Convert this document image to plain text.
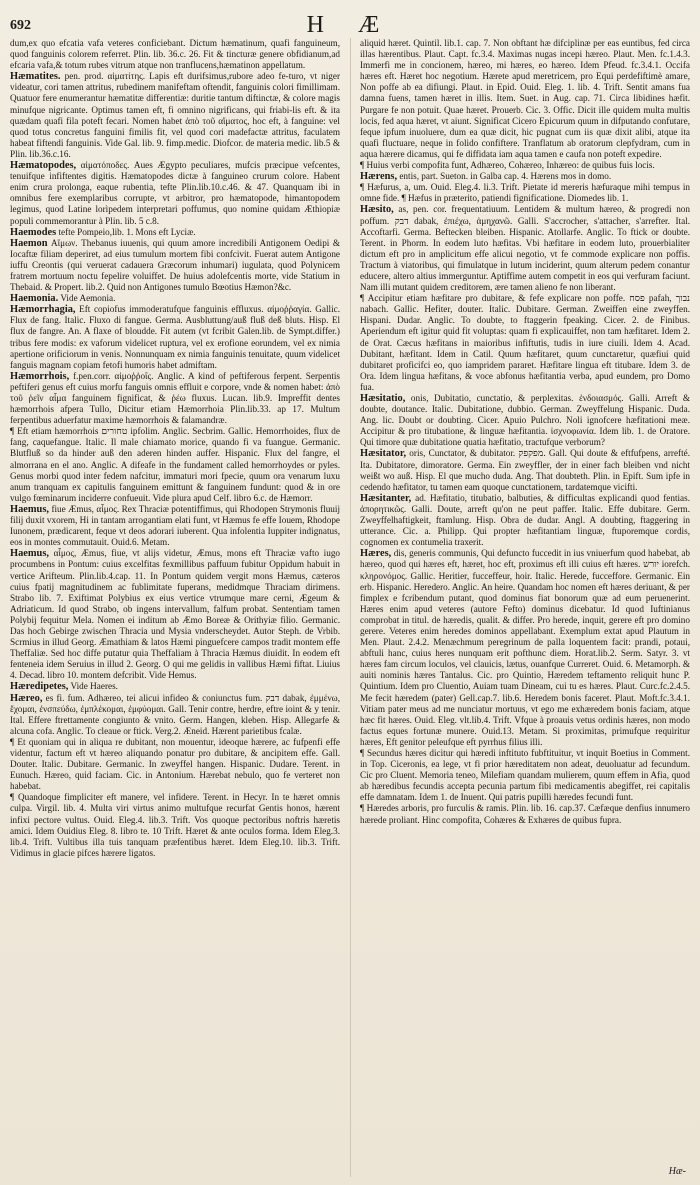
692	H Æ

dum,ex quo efcatia vafa veteres conficiebant. Dictum hæmatinum, quafi fanguineum, quod fanguinis colorem referret. Plin. lib. 36.c. 26. Fit & tincturæ genere obfidianum,ad efcaria vafa,& totum rubes vitrum atque non tranflucens,hæmatinon appellatum.

Hæmatites. pen. prod. αἱματίτης. Lapis eft durifsimus,rubore adeo fe-turo, vt niger videatur, cori tamen attritus, rubedinem manifeftam oftendit, fanguinis colori fimillimam. Quatuor fere enumerantur hæmatitæ differentiæ: duritie tantum diftinctæ, & colore magis minufque nigricante. Optimus tamen eft, fi omnino nigrificans, qui friabi-lis eft. & ita quædam quafi fila poteft fecari. Nomen habet ἀπὸ τοῦ αἵματος, hoc eft, à fanguine: vel quod totus concretus fanguini fimilis fit, vel quod cori madefactæ attritus, faculatem habeat fiftendi fanguinis. Vide Gal. lib. 9. fimp.medic. Diofcor. de materia medic. lib.5 & Plin. lib.36.c.16.

Hæmatopodes, αἱματόποδες. Aues Ægypto peculiares, mufcis præcipue vefcentes, tenuifque infiftentes digitis. Hæmatopodes dictæ à fanguineo crurum colore. Habent enim crura prolonga, eaque rubentia, tefte Plin.lib.10.c.46. & 47. Quanquam ibi in omnibus fere exemplaribus corrupte, vt arbitror, pro hæmatopode, himantopodem legimus, quod Latine lorìpedem interpretari poffumus, quo nomine quidam Æthiopiæ populi commemorantur à Plin. lib. 5 c.8.

Haemodes tefte Pompeio,lib. 1. Mons eft Lyciæ.

Haemon Αἵμων. Thebanus iuuenis, qui quum amore incredibili Antigonem Oedipi & Iocaftæ filiam deperiret, ad eius tumulum mortem fibi confcivit. Fuerat autem Antigone iuffu Creontis (qui veruerat cadauera Græcorum inhumari) iugulata, quod Polynicem fratrem mortuum noctu fepelire voluiffet. De huius adolefcentis morte, vide Statium in Thebaid. & Propert. lib.2. Quid non Antigones tumulo Bœotius Hæmon?&c.

Haemonia. Vide Aemonia.

Hæmorrhagia, Eft copiofus immoderatufque fanguinis effluxus. αἱμοῤῥαγία. Gallic. Flux de fang. Italic. Fluxo di fangue. Germa. Ausbluttung/auß fluß deß bluts. Hisp. El flux de fangre. An. A flaxe of bloudde. Fit autem (vt fcribit Galen.lib. de Sympt.differ.) tribus fere modis: ex vaforum videlicet ruptura, vel ex erofione eorundem, vel ex nimia apertione orificiorum in venis. Nonnunquam ex nimia fanguinis tenuitate, quum videlicet fanguis magnam copiam fetofi humoris habet admiftam.

Hæmorrhois, f.pen.corr. αἱμοῤῥοΐς. Anglic. A kind of peftiferous ferpent. Serpentis peftiferi genus eft cuius morfu fanguis omnis effluit e corpore, vnde & nomen habet: ἀπὸ τοῦ ῥεῖν αἷμα fanguinem fignificat, & ῥέω fluxus. Lucan. lib.9. Impreffit dentes hæmorrhois afpera Tullo, Dicitur etiam Hæmorrhoia Plin.lib.33. ap 17. Multum ferpentibus aduerfatur maxime hæmorrhois & falamandræ.

¶ Eft etiam hæmorrhois טחורים ipfolim. Anglic. Secbrim. Gallic. Hemorrhoides, flux de fang, caquefangue. Italic. Il male chiamato morice, quando fi va fuangue. Germanic. Blutfluß so da hinder auß den aderen hinden auffer. Hispanic. Flux del fangre, el almorrana en el ano. Anglic. A difeafe in the fundament called hemorrhoydes or pyles. Genus morbi quod inter fedem nafcitur, immaturi mori fpecie, quum ora venarum luxu anum tranquam ex capitulis fanguinem emittunt & fanguinem fundunt: quod & in ore vulgo fœminarum inciderre confueuit. Vide plura apud Celf. libro 6.c. de Hæmorr.

Haemus, fiue Æmus, αἷμος. Rex Thraciæ potentiffimus, qui Rhodopen Strymonis fluuij filij duxit vxorem, Hi in tantam arrogantiam elati funt, vt Hæmus fe effe Iouem, Rhodope Iunonem, prædicarent, feque vt deos adorari iuberent. Qua infolentia Iuppiter indignatus, eos in montes commutauit. Ouid.6. Metam.

Haemus, αἷμος, Æmus, fiue, vt alijs videtur, Æmus, mons eft Thraciæ vafto iugo procumbens in Pontum: cuius excelfitas fexmillibus paffuum fubitur Oppidum habuit in vertice Arifteum. Plin.lib.4.cap. 11. In Pontum quidem vergit mons Hæmus, cæteros cuius fpatij magnitudinem ac fublimitate fuperans, medidmque Thraciam dirimens. Strabo lib. 7. Exiftimat Polybius ex eius vertice vtrumque mare cerni, Ægeum & Adriaticum. Id quod Strabo, ob ingens intervallum, falfum probat. Sententiam tamen Polybij fequitur Mela. Nomen ei inditum ab Æmo Boreæ & Orithyiæ filio. Germanic. Das hoch Gebirge zwischen Thracia und Mysia vnderscheydet. Autor Steph. de Vrbib. Scrmius in illud Georg. Æmathiam & latos Hæmi pinguefcere campos tradit montem effe Theffaliæ. Sed hoc diffe putatur quia Theffaliam à Thracia Hæmus diuidit. In eodem eft fenteneia idem Seruius in illud 2. Georg. O qui me gelidis in vallibus Hæmi fiftat. Liuius 4. Decad. libro 10. montem defcribit. Vide Hemus.

Hæredipetes, Vide Haeres.

Hæreo, es fi. fum. Adhæreo, tei alicui infideo & coniunctus fum. דבק dabak, ἐμμένω, ἔχομαι, ἐνσπεύδω, ἐμπλέκομαι, ἐμφύομαι. Gall. Tenir contre, herdre, eftre ioint & y tenir. Ital. Effere ftrettamente congiunto & vnito. Germ. Hangen, kleben. Hisp. Allegarfe & alcuna cofa. Anglic. To cleaue or ftick. Verg.2. Æneid. Hærent parietibus fcalæ.

¶ Et quoniam qui in aliqua re dubitant, non mouentur, ideoque hærere, ac fufpenfi effe videntur, factum eft vt hæreo aliquando ponatur pro dubitare, & ancipitem effe. Gall. Douter. Italic. Dubitare. Germanic. In zweyffel hangen. Hispanic. Dudare. Terent. in Eunuch. Hæreo, quid faciam. Cic. in Antonium. Hærebat nebulo, quo fe verteret non habebat.

¶ Quandoque fimpliciter eft manere, vel infidere. Terent. in Hecyr. In te hæret omnis culpa. Virgil. lib. 4. Multa viri virtus animo multufque recurfat Gentis honos, hærent infixi pectore vultus. Ouid. Eleg.4. lib.3. Trift. Vos quoque pectoribus noftris hæretis amici. Idem Ouidius Eleg. 8. libro te. 10 Trift. Hæret & ante oculos forma. Idem Eleg.3. lib.4. Trift. Vultibus illa tuis tanquam præfentibus hæret. Idem Eleg.10. lib.3. Trift. Vidimus in glacie pifces hærere ligatos.

aliquid hæret. Quintil. lib.1. cap. 7. Non obftant hæ difciplinæ per eas euntibus, fed circa illas hærentibus. Plaut. Capt. fc.3.4. Maximas nugas incepi hæreo. Plaut. Men. fc.1.4.3. Immerfi me in concionem, hæreo, mi hæres, eo hæreo. Idem Pfeud. fc.3.4.1. Occifa hæres eft. Hæret hoc negotium. Hærete apud meretricem, pro Equi perdefiftimè amare, Non poffe ab ea difiungi. Plaut. in Epid. Ouid. Eleg. 1. lib. 4. Trift. Sentit amans fua damna fuens, tamen hæret in illis. Item. Suet. in Aug. cap. 71. Circa libidines hæfit. Purgare fe non potuit. Quae hæret. Prouerb. Cic. 3. Offic. Dicit ille quidem multa multis locis, fed aqua hæret, vt aiunt. Significat Cicero Epicurum quum in difputando confutare, feque ipfum inuoluere, dum ea quæ dicit, hic pugnat cum iis quæ dixit alibi, atque ita quafi fluctuare, neque in folido confiftere. Tranflatum ab oratorum clepfydram, cum in aqua hærere dicamus, qui fe diffidata iam aqua tamen e caufa non poteft expedire.

¶ Huius verbi compofita funt, Adhæreo, Cohæreo, Inhæreo: de quibus fuis locis.

Hærens, entis, part. Sueton. in Galba cap. 4. Hærens mos in domo.

¶ Hæfurus, a, um. Ouid. Eleg.4. li.3. Trift. Pietate id mereris hæfuraque mihi tempus in omne fide. ¶ Hæfus in præterito, patiendi fignificatione. Diomedes lib. 1.

Hæsito, as, pen. cor. frequentatiuum. Lentidem & multum hæreo, & progredi non poffum. דבק dabak, ἐπιέχω, ἀμηχανῶ. Galli. S'accrocher, s'attacher, s'arrefter. Ital. Accoftarfi. Germa. Beftecken bleiben. Hispanic. Atollarfe. Anglic. To ftick or doubte. Terent. in Phorm. In eodem luto hæfitas. Vbi hæfitare in eodem luto, prouerbialiter dictum eft pro in amplicitum effe alicui negotio, vt fe commode explicare non poffis. Tractum à viatoribus, qui fimulatque in lutum inciderint, quum alterum pedem conantur educere, altero altius immerguntur. Aptiffime autem competit in eos qui verfuram faciunt. Nam illi mutant quidem creditorem, ære tamen alieno fe non liberant.

¶ Accipitur etiam hæfitare pro dubitare, & fefe explicare non poffe. פסח pafah, נבוך nabach. Gallic. Hefiter, douter. Italic. Dubitare. German. Zweiffen eine zweyffen. Hispani. Dudar. Anglic. To doubte, to ftaggerin fpeaking. Cicer. 2. de Finibus. Aperiendum eft igitur quid fit voluptas: quam fi explicauiffet, non tam hæfitaret. Idem 2. de Orat. Cæcus hæfitans in maioribus infiftutis, tudis in iure ciuili. Idem 4. Acad. Dubitant, hæfitant. Idem in Catil. Quum hæfitaret, quum cunctaretur, quæfiui quid dubitaret proficifci eo, quo iampridem pararet. Hæfitare lingua eft titubare. Idem 3. de Ora. Idem lingua hæfitans, & voce abfonus hæfitantia verba, apud eundem, pro Domo fua.

Hæsitatio, onis, Dubitatio, cunctatio, & perplexitas. ἐνδοιασμός. Galli. Arreft & doubte, doutance. Italic. Dubitatione, dubbio. German. Zweyffelung Hispanic. Duda. Ang. lic. Doubt or doubting. Cicer. Apuio Pulchro. Noli ignofcere hæfitationi meæ. Accipitur & pro titubatione, & linguæ hæfitantia. ἰσχνοφωνία. Idem lib. 1. de Oratore. Qui timore quæ dubitatione quatia hæfitatio, tractufque verborum?

Hæsitator, oris, Cunctator, & dubitator. מפקפק. Gall. Qui doute & eftfufpens, arrefté. Ita. Dubitatore, dimoratore. Germa. Ein zweyffler, der in einer fach bleiben vnd nicht weißt wo auß. Hisp. El que mucho duda. Ang. That doubteth. Plin. in Epift. Sum ipfe in cedendo hæfitator, tu tamen eam quoque cunctationem, tardatemque vicifti.

Hæsitanter, ad. Hæfitatio, titubatio, balbuties, & difficultas explicandi quod fentias. ἀπορητικῶς. Galli. Doute, arreft qu'on ne peut paffer. Italic. Effe dubitare. Germ. Zweyffelhaftigkeit, ftamlung. Hisp. Obra de dudar. Angl. A doubting, ftaggering in utterance. Cic. a. Philipp. Qui propter hæfitantiam linguæ, ftuporemque cordis, cognomen ex contumelia traxerit.

Hæres, dis, generis communis, Qui defuncto fuccedit in ius vniuerfum quod habebat, ab hæreo, quod qui hæres eft, hæret, hoc eft, proximus eft illi cuius eft hæres. יורש iorefch. κληρονόμος. Gallic. Heritier, fucceffeur, hoir. Italic. Herede, fucceffore. Germanic. Ein erb. Hispanic. Heredero. Anglic. An heire. Quandam hoc nomen eft hæres deriuant, & per fimplex e fcribendum putant, quod dominus fiat bonorum quæ ad eum peruenerint. Hæres enim apud veteres (autore Fefto) dominus dicebatur. Id quod Iuftinianus comprobat in titul. de hæredis, qualit. & differ. Pro herede, inquit, gerere eft pro domino gerere. Veteres enim heredes dominos appellabant. Exemplum extat apud Plautum in Men. Plaut. 2.4.2. Menæchmum peregrinum de palla loquentem facit: prandi, potaui, abftuli hanc, cuius heres nunquam erit pofthunc diem. Horat.lib.2. Serm. Satyr. 3. vt hæres fam circum loculos, vel clauicis, lætus, ouanfque Curreret. Ouid. 6. Metamorph. & auiti nominis hæres Tantalus. Cic. pro Quintio, Hæredem teftamento reliquit hunc P. Quintium. Idem pro Cluentio, Auiam tuam Dineam, cui tu es hæres. Plaut. Curc.fc.2.4.5. Me fecit hæredem (pater) Gell.cap.7. lib.6. Heredem bonis faceret. Plaut. Moft.fc.3.4.1. Vitiam pater meus ad me nunciatur mortuus, vt ego me exhæredem bonis faciam, atque hæc fit hæres. Ouid. Eleg. vlt.lib.4. Trift. Vfque à proauis vetus ordinis hæres, non modo factus eques fortunæ munere. Ouid.13. Metam. Si proximitas, primufque requiritur hæres, Eft genitor peleufque eft pyrrhus filius illi.

¶ Secundus hæres dicitur qui hæredi inftituto fubftituitur, vt inquit Boetius in Comment. in Top. Ciceronis, ea lege, vt fi prior hæreditatem non adeat, deuoluatur ad fecundum. Cic pro Cluent. Memoria teneo, Milefiam quandam mulierem, quum effem in Afia, quod ab hæredibus fecundis accepta pecunia partum fibi medicamentis abegiffet, rei capitalis effe damnatam. Idem 1. de Inuent. Qui patris pupilli hæredes fecundi funt.

¶ Hæredes arboris, pro furculis & ramis. Plin. lib. 16. cap.37. Cæfæque denfius innumero hærede proliant. Hinc compofita, Cohæres & Exhæres de quibus fupra.

Hæ-
